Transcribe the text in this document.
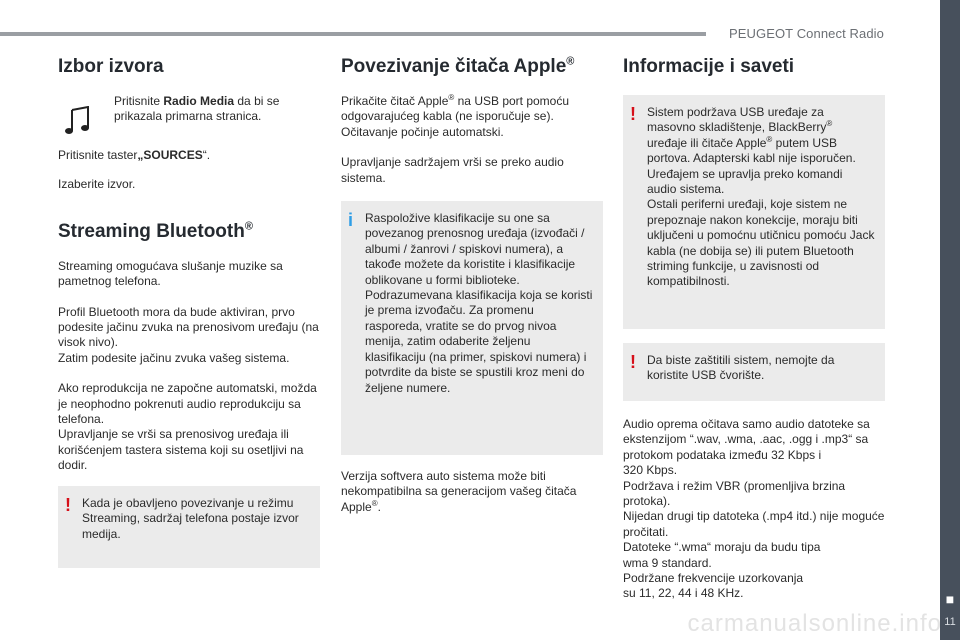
PEUGEOT Connect Radio
■
11
carmanualsonline.info
Izbor izvora

Pritisnite Radio Media da bi se prikazala primarna stranica.

Pritisnite taster„SOURCES“.

Izaberite izvor.

Streaming Bluetooth®

Streaming omogućava slušanje muzike sa pametnog telefona.

Profil Bluetooth mora da bude aktiviran, prvo podesite jačinu zvuka na prenosivom uređaju (na visok nivo).
Zatim podesite jačinu zvuka vašeg sistema.

Ako reprodukcija ne započne automatski, možda je neophodno pokrenuti audio reprodukciju sa telefona.
Upravljanje se vrši sa prenosivog uređaja ili korišćenjem tastera sistema koji su osetljivi na dodir.

! Kada je obavljeno povezivanje u režimu Streaming, sadržaj telefona postaje izvor medija.

Povezivanje čitača Apple®

Prikačite čitač Apple® na USB port pomoću odgovarajućeg kabla (ne isporučuje se).
Očitavanje počinje automatski.

Upravljanje sadržajem vrši se preko audio sistema.

i Raspoložive klasifikacije su one sa povezanog prenosnog uređaja (izvođači / albumi / žanrovi / spiskovi numera), a takođe možete da koristite i klasifikacije oblikovane u formi biblioteke.
Podrazumevana klasifikacija koja se koristi je prema izvođaču. Za promenu rasporeda, vratite se do prvog nivoa menija, zatim odaberite željenu klasifikaciju (na primer, spiskovi numera) i potvrdite da biste se spustili kroz meni do željene numere.

Verzija softvera auto sistema može biti nekompatibilna sa generacijom vašeg čitača Apple®.

Informacije i saveti
! Sistem podržava USB uređaje za masovno skladištenje, BlackBerry® uređaje ili čitače Apple® putem USB portova. Adapterski kabl nije isporučen.
Uređajem se upravlja preko komandi audio sistema.
Ostali periferni uređaji, koje sistem ne prepoznaje nakon konekcije, moraju biti uključeni u pomoćnu utičnicu pomoću Jack kabla (ne dobija se) ili putem Bluetooth striming funkcije, u zavisnosti od kompatibilnosti.

! Da biste zaštitili sistem, nemojte da koristite USB čvorište.

Audio oprema očitava samo audio datoteke sa ekstenzijom “.wav, .wma, .aac, .ogg i .mp3“ sa protokom podataka između 32 Kbps i
320 Kbps.
Podržava i režim VBR (promenljiva brzina protoka).
Nijedan drugi tip datoteka (.mp4 itd.) nije moguće pročitati.
Datoteke “.wma“ moraju da budu tipa
wma 9 standard.
Podržane frekvencije uzorkovanja
su 11, 22, 44 i 48 KHz.
